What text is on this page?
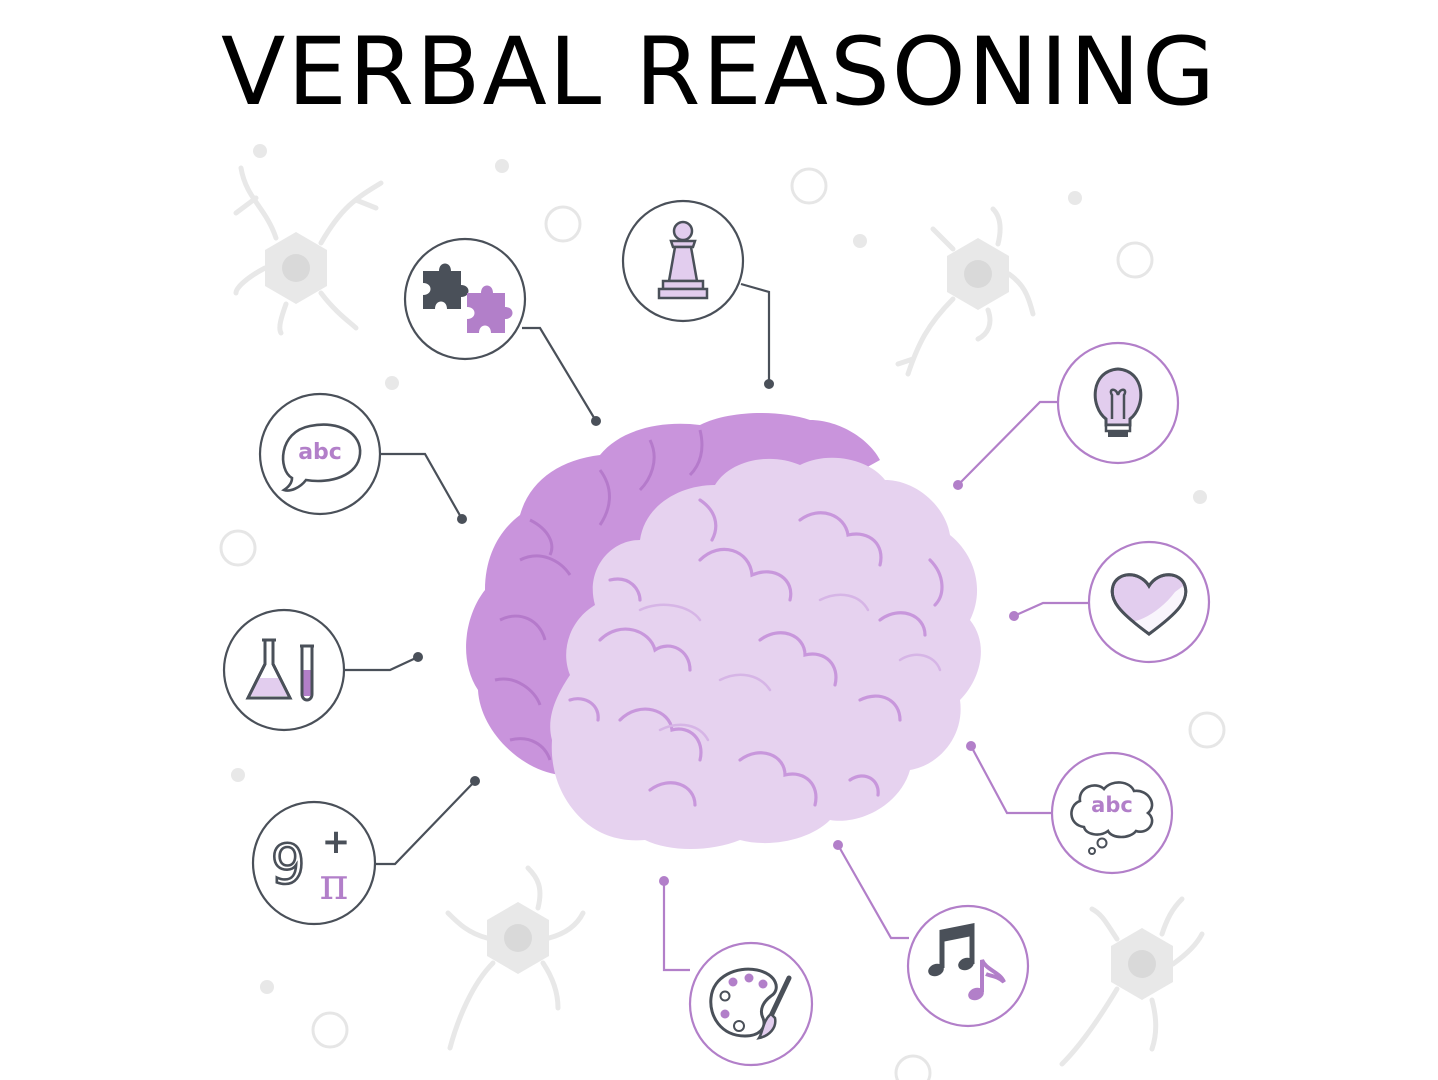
VERBAL REASONING
abc
9 +
π
abc
